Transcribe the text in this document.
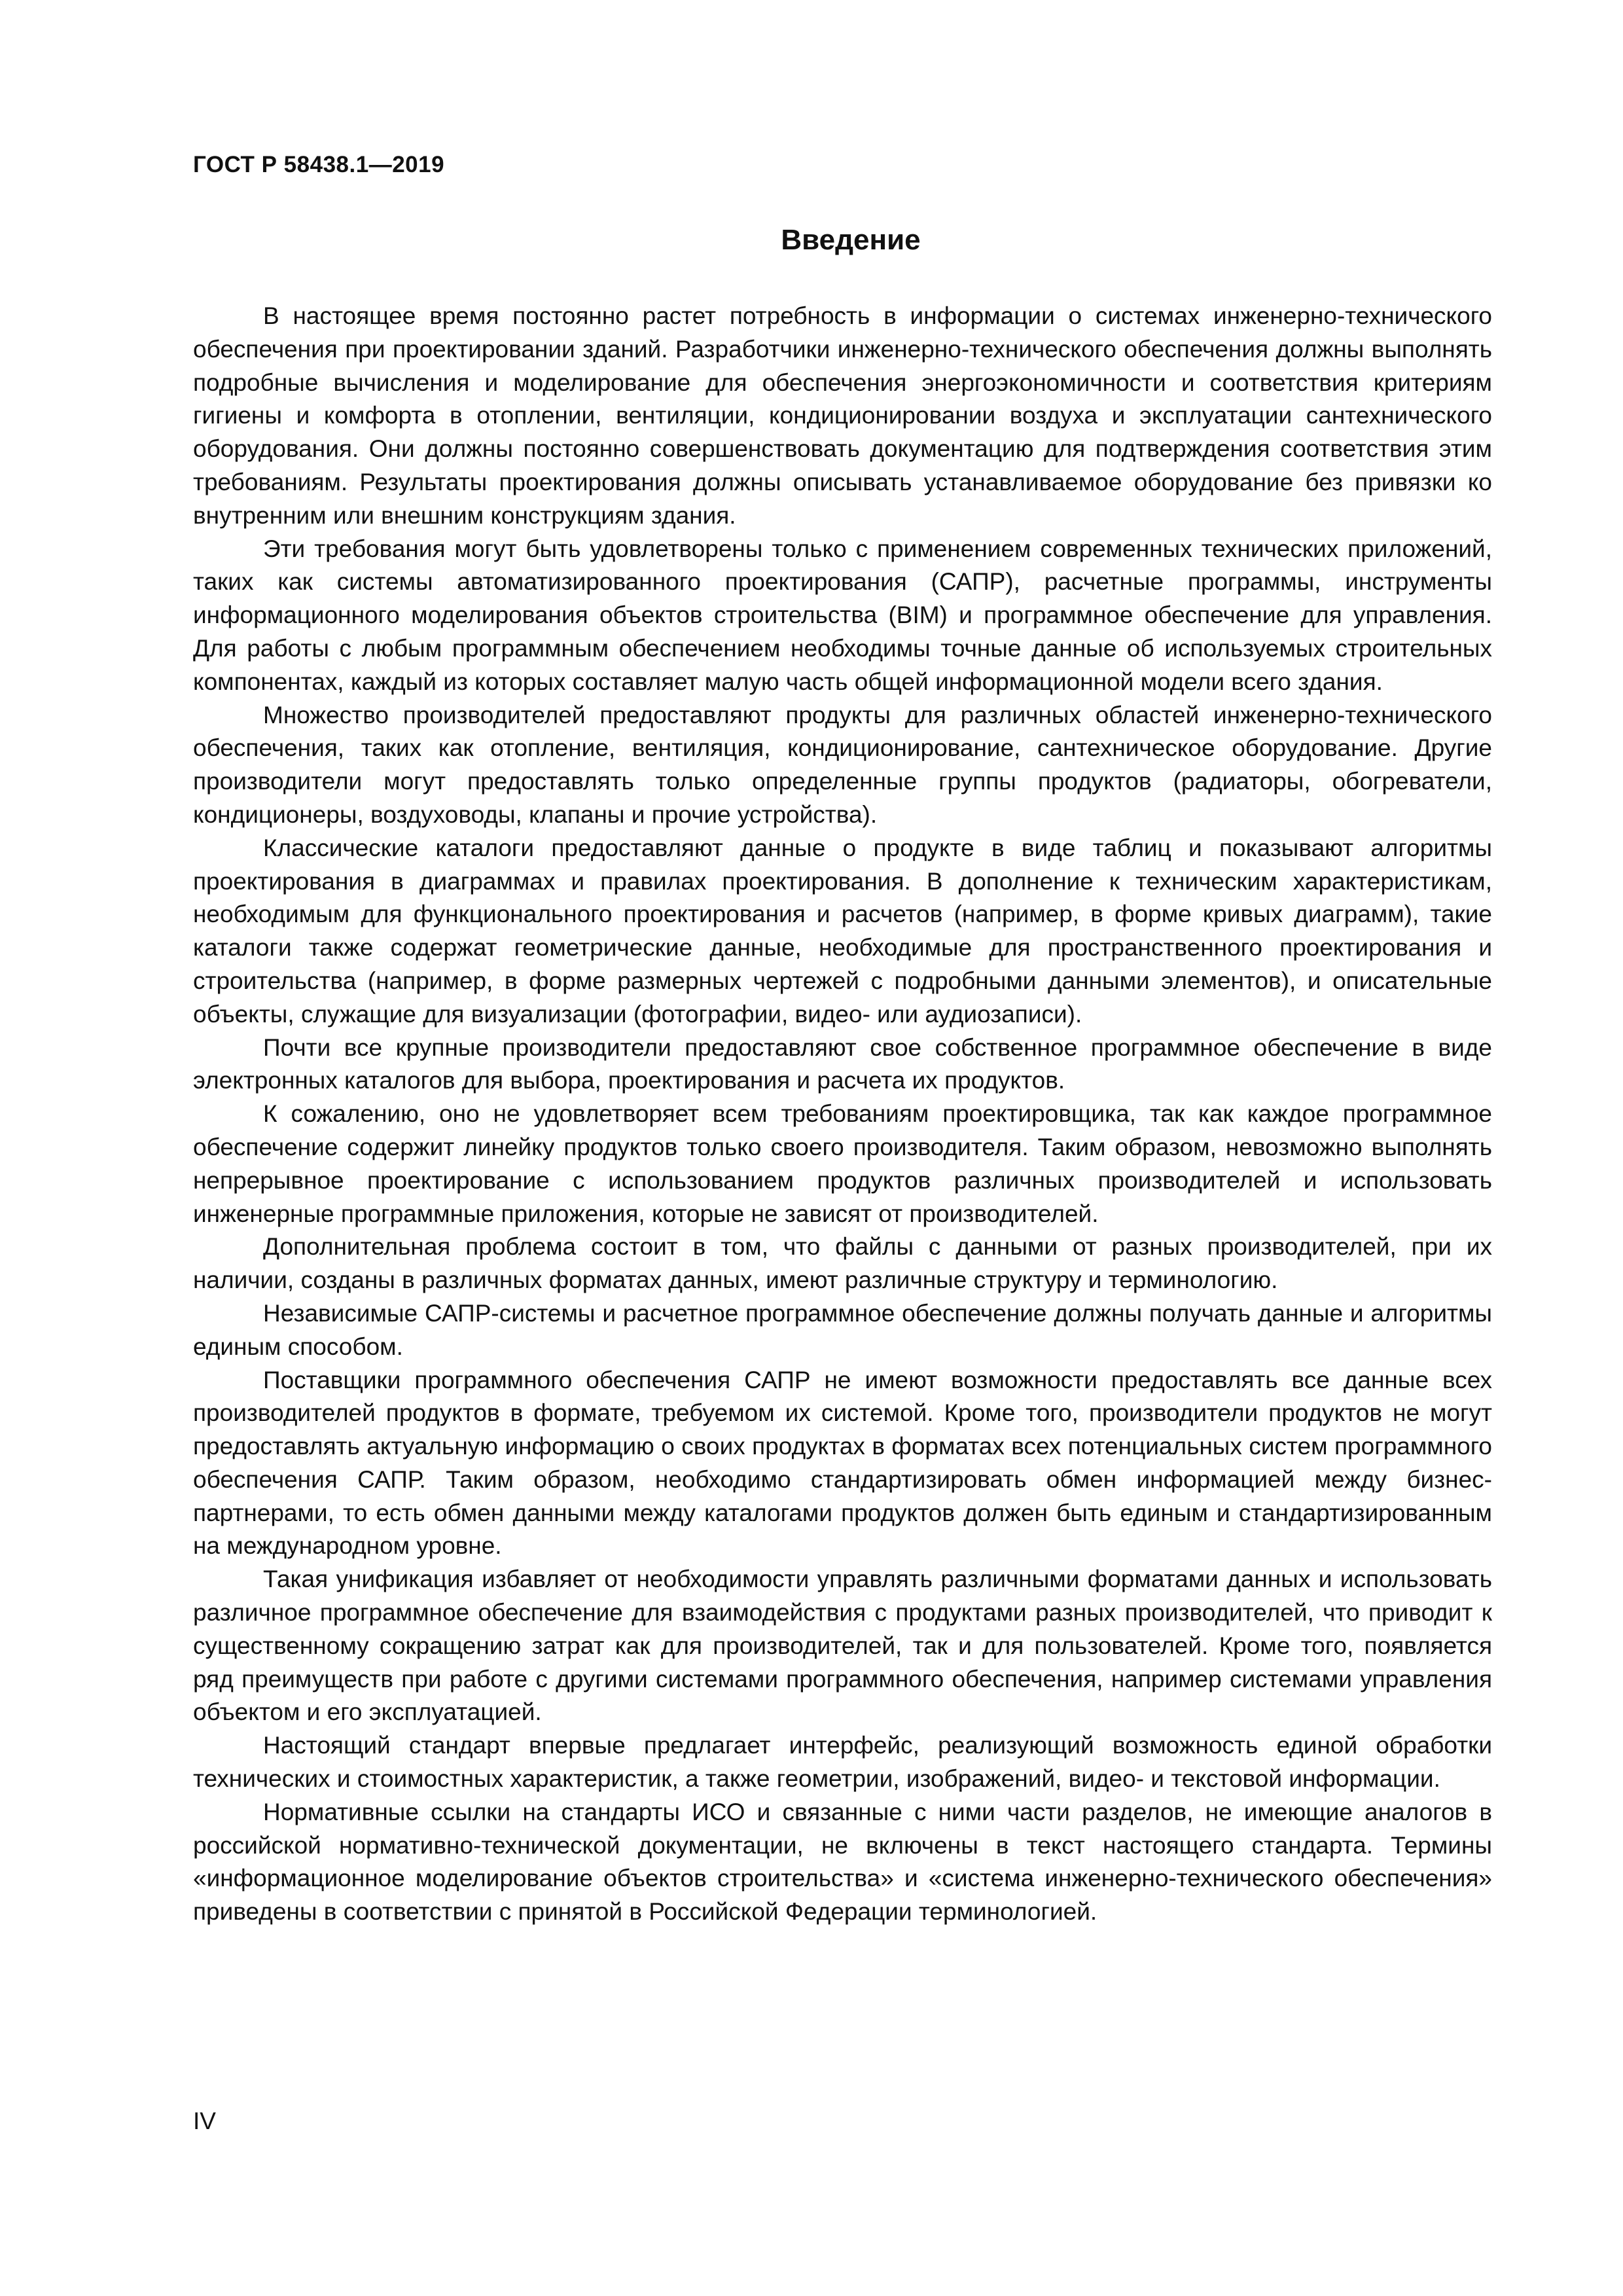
ГОСТ Р 58438.1—2019
Введение

В настоящее время постоянно растет потребность в информации о системах инженерно-технического обеспечения при проектировании зданий. Разработчики инженерно-технического обеспечения должны выполнять подробные вычисления и моделирование для обеспечения энергоэкономичности и соответствия критериям гигиены и комфорта в отоплении, вентиляции, кондиционировании воздуха и эксплуатации сантехнического оборудования. Они должны постоянно совершенствовать документацию для подтверждения соответствия этим требованиям. Результаты проектирования должны описывать устанавливаемое оборудование без привязки ко внутренним или внешним конструкциям здания.

Эти требования могут быть удовлетворены только с применением современных технических приложений, таких как системы автоматизированного проектирования (САПР), расчетные программы, инструменты информационного моделирования объектов строительства (BIM) и программное обеспечение для управления. Для работы с любым программным обеспечением необходимы точные данные об используемых строительных компонентах, каждый из которых составляет малую часть общей информационной модели всего здания.

Множество производителей предоставляют продукты для различных областей инженерно-технического обеспечения, таких как отопление, вентиляция, кондиционирование, сантехническое оборудование. Другие производители могут предоставлять только определенные группы продуктов (радиаторы, обогреватели, кондиционеры, воздуховоды, клапаны и прочие устройства).

Классические каталоги предоставляют данные о продукте в виде таблиц и показывают алгоритмы проектирования в диаграммах и правилах проектирования. В дополнение к техническим характеристикам, необходимым для функционального проектирования и расчетов (например, в форме кривых диаграмм), такие каталоги также содержат геометрические данные, необходимые для пространственного проектирования и строительства (например, в форме размерных чертежей с подробными данными элементов), и описательные объекты, служащие для визуализации (фотографии, видео- или аудиозаписи).

Почти все крупные производители предоставляют свое собственное программное обеспечение в виде электронных каталогов для выбора, проектирования и расчета их продуктов.

К сожалению, оно не удовлетворяет всем требованиям проектировщика, так как каждое программное обеспечение содержит линейку продуктов только своего производителя. Таким образом, невозможно выполнять непрерывное проектирование с использованием продуктов различных производителей и использовать инженерные программные приложения, которые не зависят от производителей.

Дополнительная проблема состоит в том, что файлы с данными от разных производителей, при их наличии, созданы в различных форматах данных, имеют различные структуру и терминологию.

Независимые САПР-системы и расчетное программное обеспечение должны получать данные и алгоритмы единым способом.

Поставщики программного обеспечения САПР не имеют возможности предоставлять все данные всех производителей продуктов в формате, требуемом их системой. Кроме того, производители продуктов не могут предоставлять актуальную информацию о своих продуктах в форматах всех потенциальных систем программного обеспечения САПР. Таким образом, необходимо стандартизировать обмен информацией между бизнес-партнерами, то есть обмен данными между каталогами продуктов должен быть единым и стандартизированным на международном уровне.

Такая унификация избавляет от необходимости управлять различными форматами данных и использовать различное программное обеспечение для взаимодействия с продуктами разных производителей, что приводит к существенному сокращению затрат как для производителей, так и для пользователей. Кроме того, появляется ряд преимуществ при работе с другими системами программного обеспечения, например системами управления объектом и его эксплуатацией.

Настоящий стандарт впервые предлагает интерфейс, реализующий возможность единой обработки технических и стоимостных характеристик, а также геометрии, изображений, видео- и текстовой информации.

Нормативные ссылки на стандарты ИСО и связанные с ними части разделов, не имеющие аналогов в российской нормативно-технической документации, не включены в текст настоящего стандарта. Термины «информационное моделирование объектов строительства» и «система инженерно-технического обеспечения» приведены в соответствии с принятой в Российской Федерации терминологией.

IV
